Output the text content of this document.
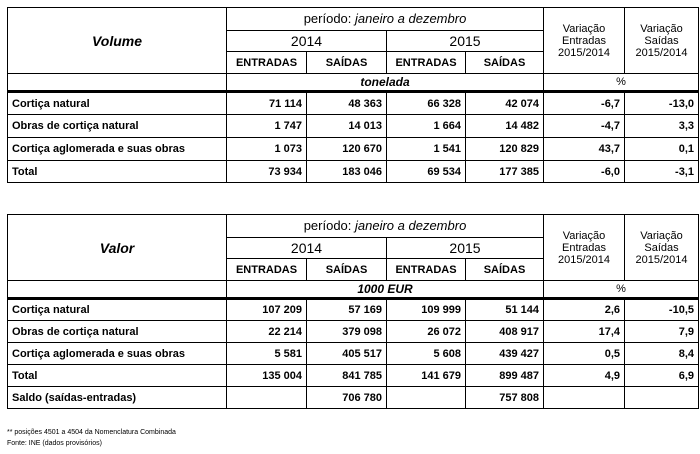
Volume	período: janeiro a dezembro				Variação Entradas 2015/2014	Variação Saídas 2015/2014
	2014		2015			
	ENTRADAS	SAÍDAS	ENTRADAS	SAÍDAS		
	tonelada				%	
Cortiça natural	71 114	48 363	66 328	42 074	-6,7	-13,0
Obras de cortiça natural	1 747	14 013	1 664	14 482	-4,7	3,3
Cortiça aglomerada e suas obras	1 073	120 670	1 541	120 829	43,7	0,1
Total	73 934	183 046	69 534	177 385	-6,0	-3,1
Valor	período: janeiro a dezembro				Variação Entradas 2015/2014	Variação Saídas 2015/2014
	2014		2015			
	ENTRADAS	SAÍDAS	ENTRADAS	SAÍDAS		
	1000 EUR				%	
Cortiça natural	107 209	57 169	109 999	51 144	2,6	-10,5
Obras de cortiça natural	22 214	379 098	26 072	408 917	17,4	7,9
Cortiça aglomerada e suas obras	5 581	405 517	5 608	439 427	0,5	8,4
Total	135 004	841 785	141 679	899 487	4,9	6,9
Saldo (saídas-entradas)		706 780		757 808		
** posições 4501 a 4504 da Nomenclatura Combinada
Fonte: INE (dados provisórios)
